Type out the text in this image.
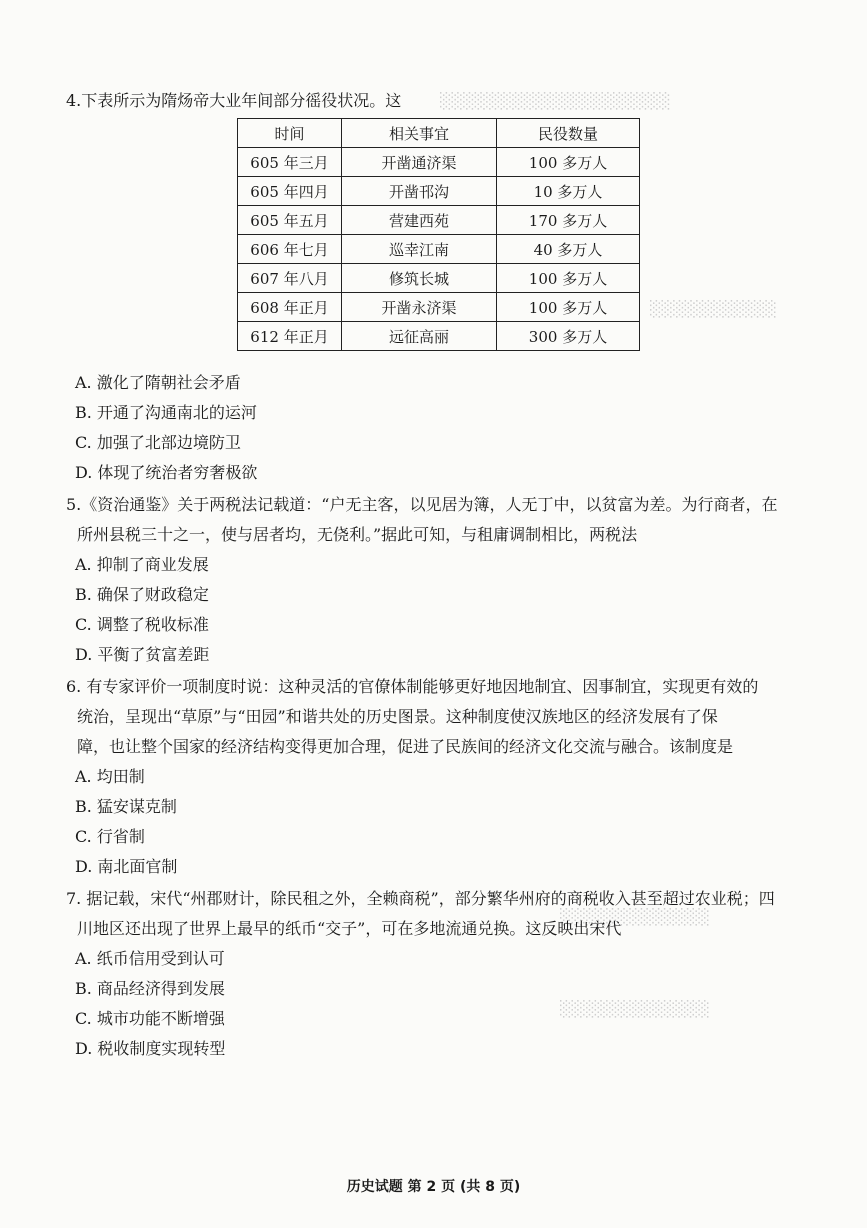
░░░░░░░░░░░░░░░░░░░░
░░░░░░░░░░░
░░░░░░░░░░░░░
░░░░░░░░░░░░░
4.下表所示为隋炀帝大业年间部分徭役状况。这
时间	相关事宜	民役数量
605 年三月	开凿通济渠	100 多万人
605 年四月	开凿邗沟	10 多万人
605 年五月	营建西苑	170 多万人
606 年七月	巡幸江南	40 多万人
607 年八月	修筑长城	100 多万人
608 年正月	开凿永济渠	100 多万人
612 年正月	远征高丽	300 多万人
A. 激化了隋朝社会矛盾
B. 开通了沟通南北的运河
C. 加强了北部边境防卫
D. 体现了统治者穷奢极欲
5.《资治通鉴》关于两税法记载道：“户无主客，以见居为簿，人无丁中，以贫富为差。为行商者，在
所州县税三十之一，使与居者均，无侥利。”据此可知，与租庸调制相比，两税法
A. 抑制了商业发展
B. 确保了财政稳定
C. 调整了税收标准
D. 平衡了贫富差距
6. 有专家评价一项制度时说：这种灵活的官僚体制能够更好地因地制宜、因事制宜，实现更有效的
统治，呈现出“草原”与“田园”和谐共处的历史图景。这种制度使汉族地区的经济发展有了保
障，也让整个国家的经济结构变得更加合理，促进了民族间的经济文化交流与融合。该制度是
A. 均田制
B. 猛安谋克制
C. 行省制
D. 南北面官制
7. 据记载，宋代“州郡财计，除民租之外，全赖商税”，部分繁华州府的商税收入甚至超过农业税；四
川地区还出现了世界上最早的纸币“交子”，可在多地流通兑换。这反映出宋代
A. 纸币信用受到认可
B. 商品经济得到发展
C. 城市功能不断增强
D. 税收制度实现转型
历史试题 第 2 页 (共 8 页)
